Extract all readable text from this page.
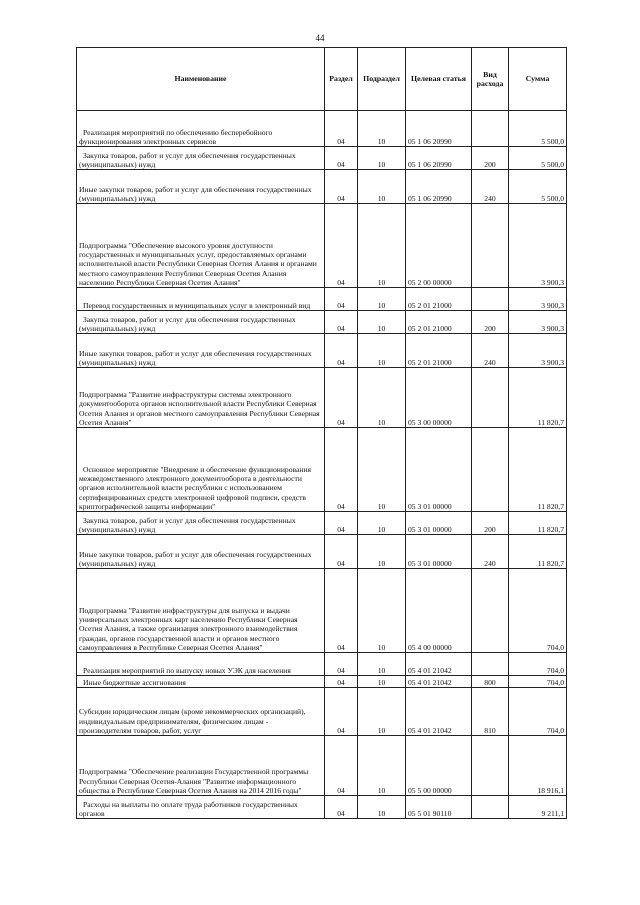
44
Наименование	Раздел	Подраздел	Целевая статья	Вид расхода	Сумма
Реализация мероприятий по обеспечению бесперебойного функционирования электронных сервисов	04	10	05 1 06 20990		5 500,0
Закупка товаров, работ и услуг для обеспечения государственных (муниципальных) нужд	04	10	05 1 06 20990	200	5 500,0
Иные закупки товаров, работ и услуг для обеспечения государственных (муниципальных) нужд	04	10	05 1 06 20990	240	5 500,0
Подпрограмма "Обеспечение высокого уровня доступности государственных и муниципальных услуг, предоставляемых органами исполнительной власти Республики Северная Осетия Алания и органами местного самоуправления Республики Северная Осетия Алания населению Республики Северная Осетия Алания"	04	10	05 2 00 00000		3 900,3
Перевод государственных и муниципальных услуг в электронный вид	04	10	05 2 01 21000		3 900,3
Закупка товаров, работ и услуг для обеспечения государственных (муниципальных) нужд	04	10	05 2 01 21000	200	3 900,3
Иные закупки товаров, работ и услуг для обеспечения государственных (муниципальных) нужд	04	10	05 2 01 21000	240	3 900,3
Подпрограмма "Развитие инфраструктуры системы электронного документооборота органов исполнительной власти Республики Северная Осетия Алания и органов местного самоуправления Республики Северная Осетия Алания"	04	10	05 3 00 00000		11 820,7
Основное мероприятие "Внедрение и обеспечение функционирования межведомственного электронного документооборота в деятельности органов исполнительной власти республики с использованием сертифицированных средств электронной цифровой подписи, средств криптографической защиты информации"	04	10	05 3 01 00000		11 820,7
Закупка товаров, работ и услуг для обеспечения государственных (муниципальных) нужд	04	10	05 3 01 00000	200	11 820,7
Иные закупки товаров, работ и услуг для обеспечения государственных (муниципальных) нужд	04	10	05 3 01 00000	240	11 820,7
Подпрограмма "Развитие инфраструктуры для выпуска и выдачи универсальных электронных карт населению Республики Северная Осетия Алания, а также организация электронного взаимодействия граждан, органов государственной власти и органов местного самоуправления в Республике Северная Осетия Алания"	04	10	05 4 00 00000		704,0
Реализация мероприятий по выпуску новых УЭК для населения	04	10	05 4 01 21042		704,0
Иные бюджетные ассигнования	04	10	05 4 01 21042	800	704,0
Субсидии юридическим лицам (кроме некоммерческих организаций), индивидуальным предпринимателям, физическим лицам - производителям товаров, работ, услуг	04	10	05 4 01 21042	810	704,0
Подпрограмма "Обеспечение реализации Государственной программы Республики Северная Осетия-Алания "Развитие информационного общества в Республике Северная Осетия Алания на 2014 2016 годы"	04	10	05 5 00 00000		18 916,1
Расходы на выплаты по оплате труда работников государственных органов	04	10	05 5 01 90110		9 211,1
